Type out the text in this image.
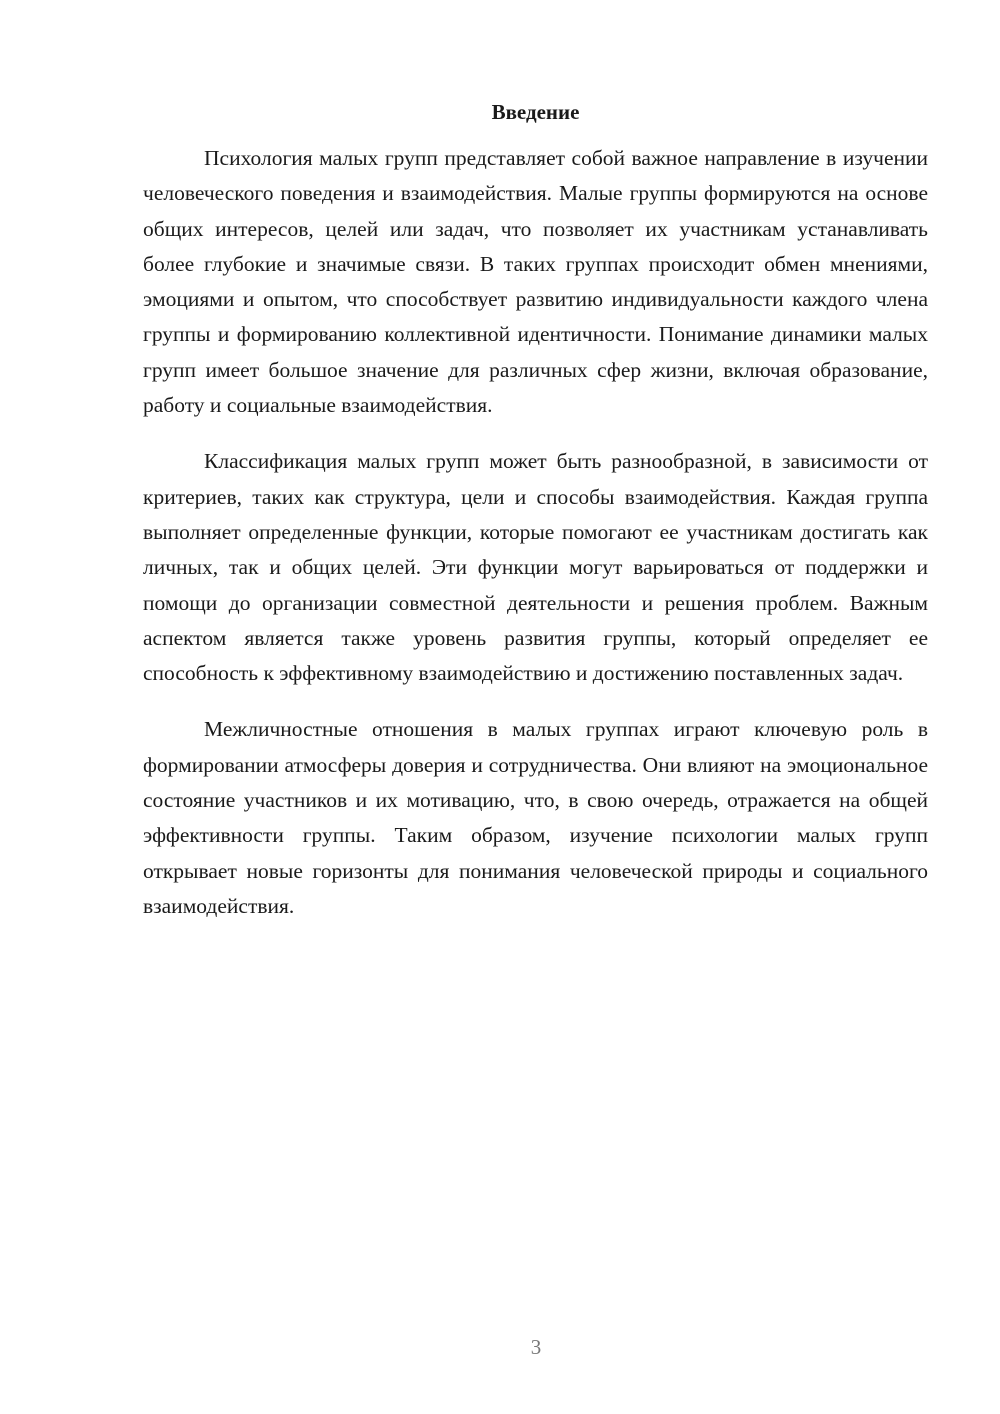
Введение

Психология малых групп представляет собой важное направление в изучении человеческого поведения и взаимодействия. Малые группы формируются на основе общих интересов, целей или задач, что позволяет их участникам устанавливать более глубокие и значимые связи. В таких группах происходит обмен мнениями, эмоциями и опытом, что способствует развитию индивидуальности каждого члена группы и формированию коллективной идентичности. Понимание динамики малых групп имеет большое значение для различных сфер жизни, включая образование, работу и социальные взаимодействия.

Классификация малых групп может быть разнообразной, в зависимости от критериев, таких как структура, цели и способы взаимодействия. Каждая группа выполняет определенные функции, которые помогают ее участникам достигать как личных, так и общих целей. Эти функции могут варьироваться от поддержки и помощи до организации совместной деятельности и решения проблем. Важным аспектом является также уровень развития группы, который определяет ее способность к эффективному взаимодействию и достижению поставленных задач.

Межличностные отношения в малых группах играют ключевую роль в формировании атмосферы доверия и сотрудничества. Они влияют на эмоциональное состояние участников и их мотивацию, что, в свою очередь, отражается на общей эффективности группы. Таким образом, изучение психологии малых групп открывает новые горизонты для понимания человеческой природы и социального взаимодействия.

3
